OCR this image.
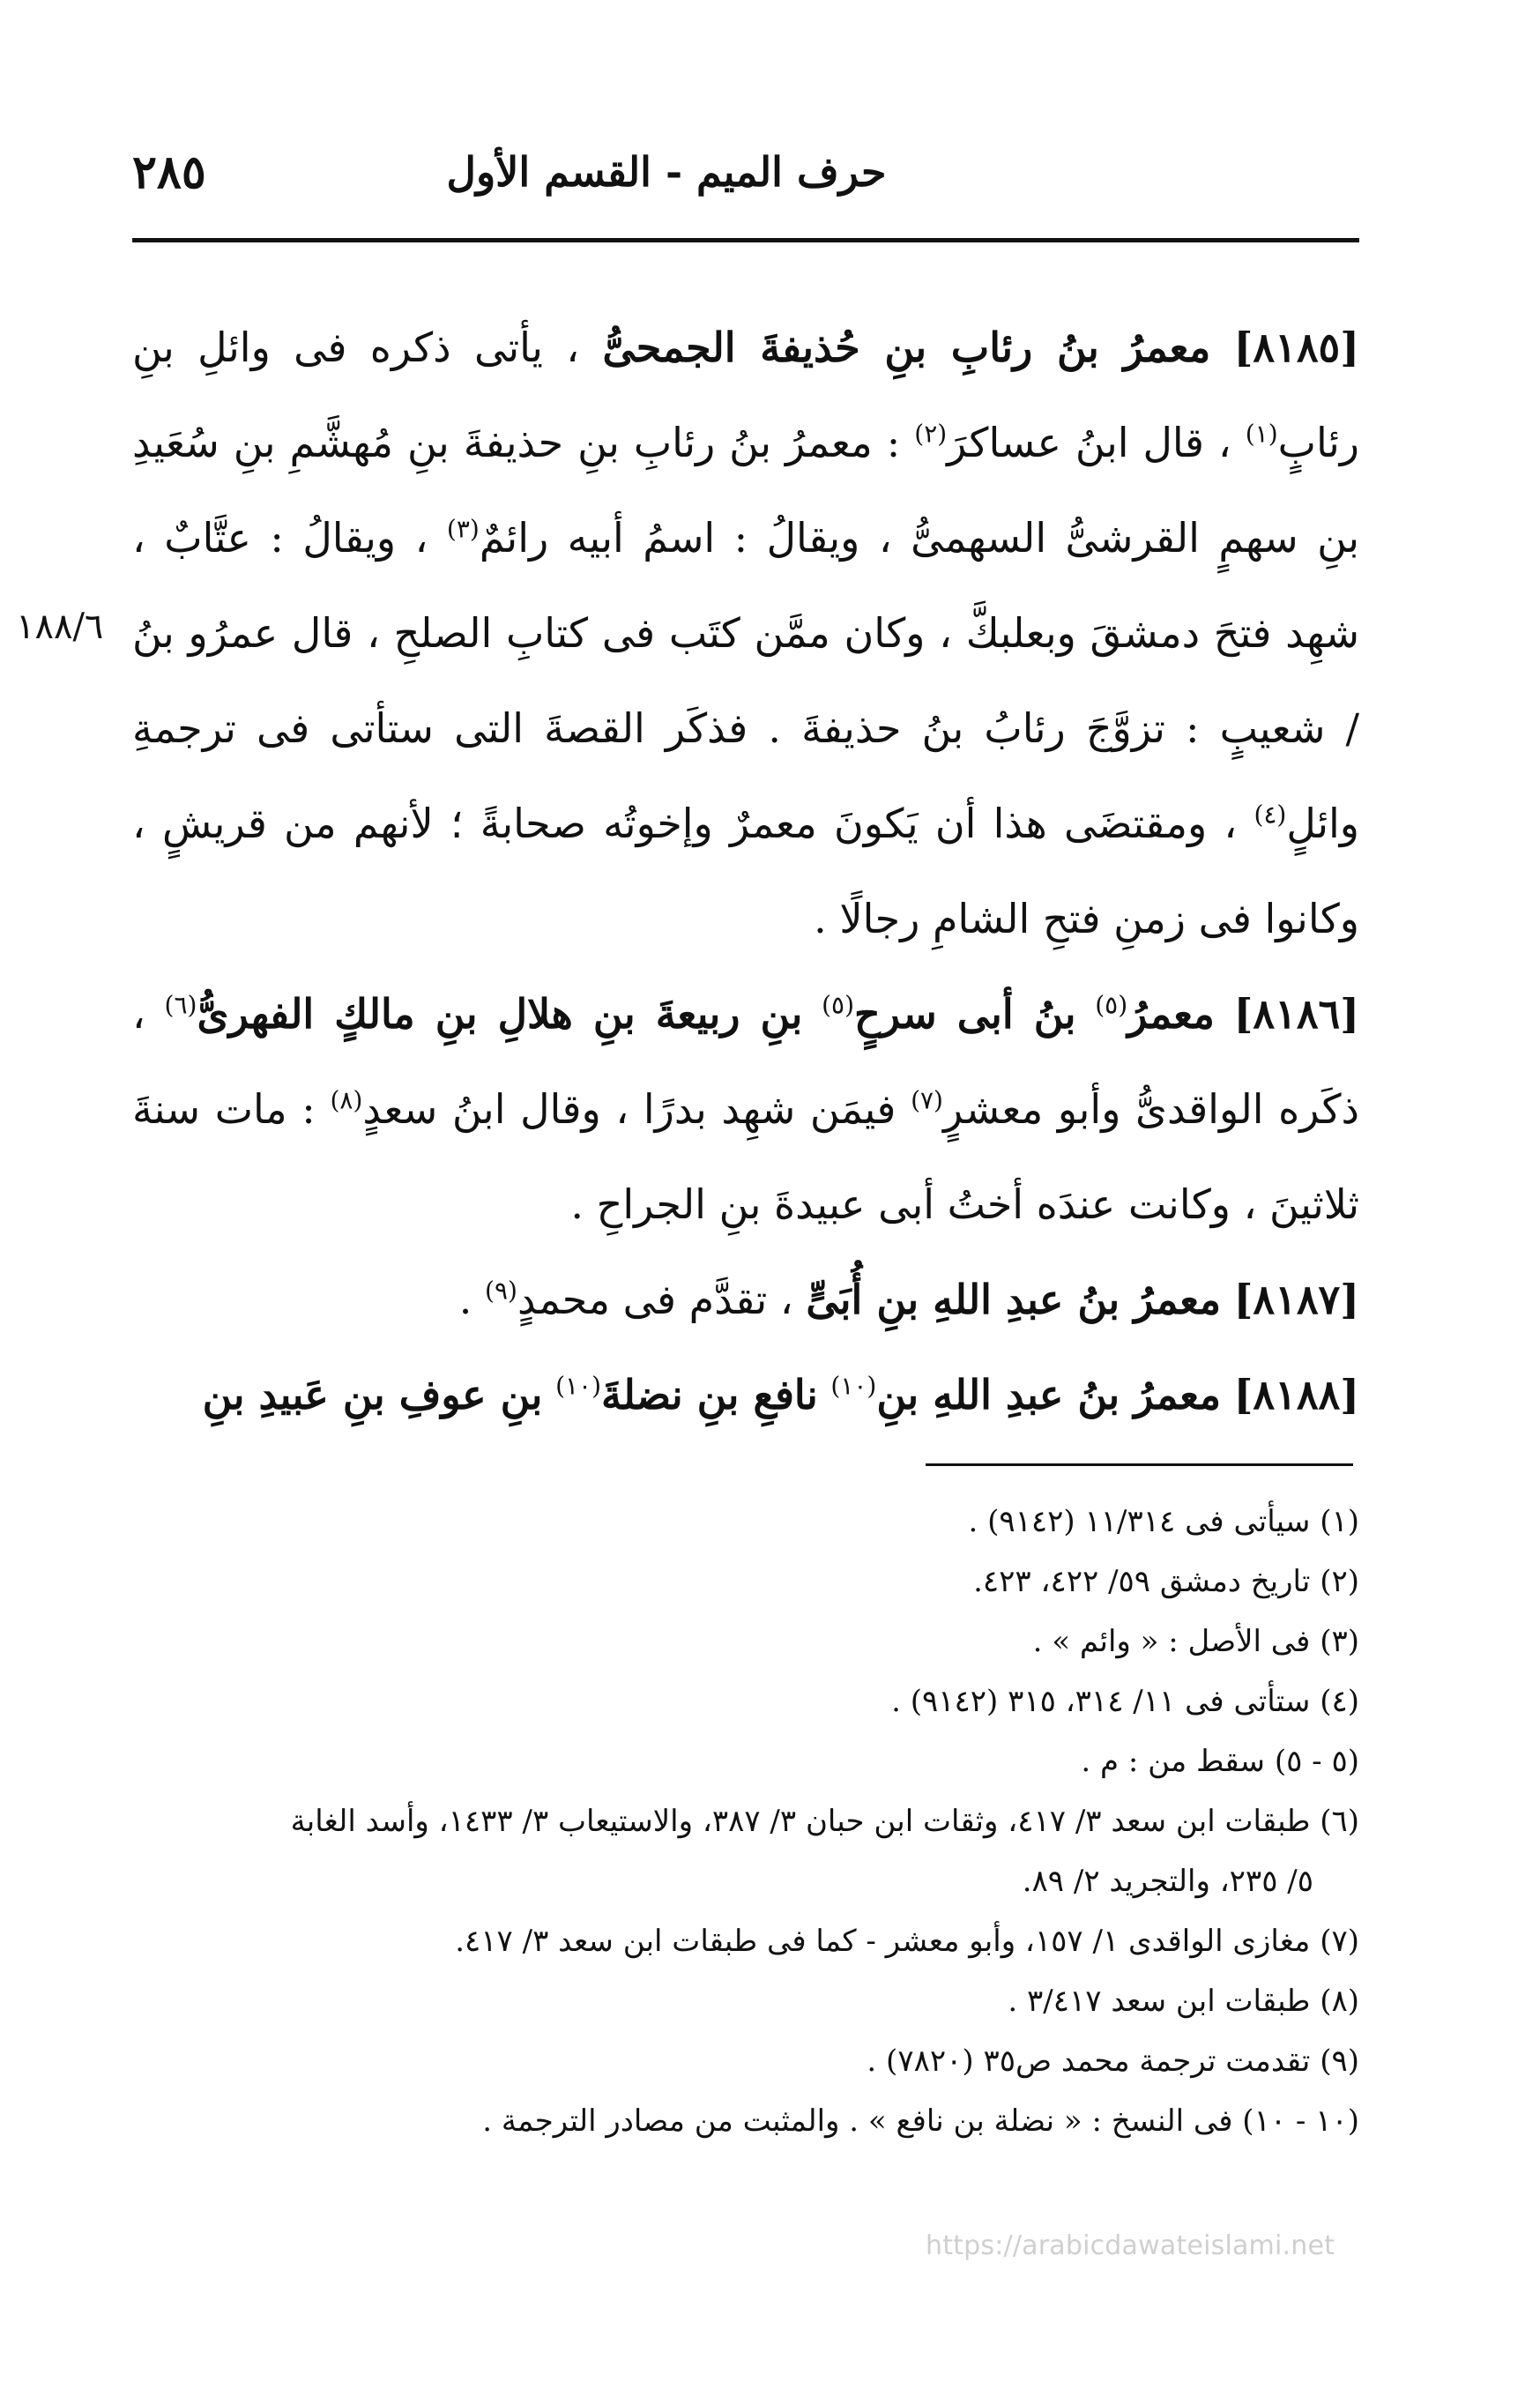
٢٨٥	حرف الميم - القسم الأول
١٨٨/٦

[٨١٨٥] معمرُ بنُ رئابِ بنِ حُذيفةَ الجمحىُّ ، يأتى ذكره فى وائلِ بنِ رئابٍ$^{(١)}$ ، قال ابنُ عساكرَ$^{(٢)}$ : معمرُ بنُ رئابِ بنِ حذيفةَ بنِ مُهشَّمِ بنِ سُعَيدِ بنِ سهمٍ القرشىُّ السهمىُّ ، ويقالُ : اسمُ أبيه رائمٌ$^{(٣)}$ ، ويقالُ : عتَّابٌ ، شهِد فتحَ دمشقَ وبعلبكَّ ، وكان ممَّن كتَب فى كتابِ الصلحِ ، قال عمرُو بنُ / شعيبٍ : تزوَّجَ رئابُ بنُ حذيفةَ . فذكَر القصةَ التى ستأتى فى ترجمةِ وائلٍ$^{(٤)}$ ، ومقتضَى هذا أن يَكونَ معمرٌ وإخوتُه صحابةً ؛ لأنهم من قريشٍ ، وكانوا فى زمنِ فتحِ الشامِ رجالًا .

[٨١٨٦] معمرُ$^{(٥)}$ بنُ أبى سرحٍ$^{(٥)}$ بنِ ربيعةَ بنِ هلالِ بنِ مالكٍ الفهرىُّ$^{(٦)}$ ، ذكَره الواقدىُّ وأبو معشرٍ$^{(٧)}$ فيمَن شهِد بدرًا ، وقال ابنُ سعدٍ$^{(٨)}$ : مات سنةَ ثلاثينَ ، وكانت عندَه أختُ أبى عبيدةَ بنِ الجراحِ .

[٨١٨٧] معمرُ بنُ عبدِ اللهِ بنِ أُبَىٍّ ، تقدَّم فى محمدٍ$^{(٩)}$ .

[٨١٨٨] معمرُ بنُ عبدِ اللهِ بنِ$^{(١٠)}$ نافعِ بنِ نضلةَ$^{(١٠)}$ بنِ عوفِ بنِ عَبيدِ بنِ

(١) سيأتى فى ١١/٣١٤ (٩١٤٢) .

(٢) تاريخ دمشق ٥٩/ ٤٢٢، ٤٢٣.

(٣) فى الأصل : « وائم » .

(٤) ستأتى فى ١١/ ٣١٤، ٣١٥ (٩١٤٢) .

(٥ - ٥) سقط من : م .

(٦) طبقات ابن سعد ٣/ ٤١٧، وثقات ابن حبان ٣/ ٣٨٧، والاستيعاب ٣/ ١٤٣٣، وأسد الغابة

٥/ ٢٣٥، والتجريد ٢/ ٨٩.

(٧) مغازى الواقدى ١/ ١٥٧، وأبو معشر - كما فى طبقات ابن سعد ٣/ ٤١٧.

(٨) طبقات ابن سعد ٣/٤١٧ .

(٩) تقدمت ترجمة محمد ص٣٥ (٧٨٢٠) .

(١٠ - ١٠) فى النسخ : « نضلة بن نافع » . والمثبت من مصادر الترجمة .

https://arabicdawateislami.net
